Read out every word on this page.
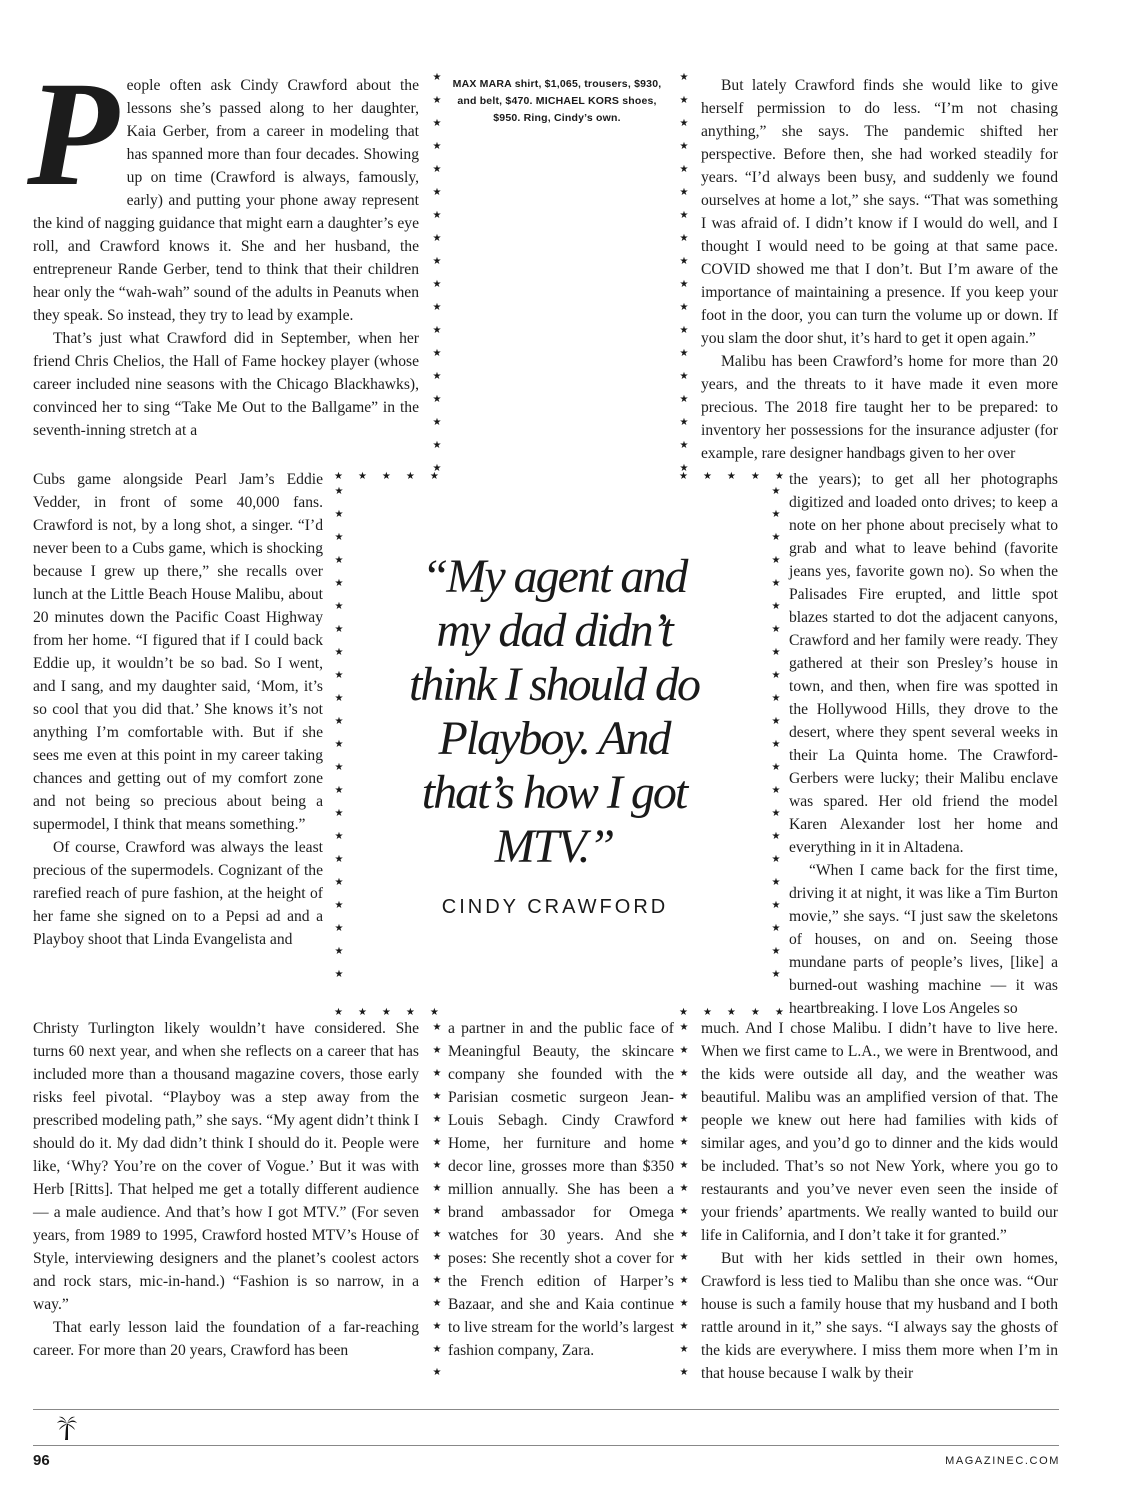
P eople often ask Cindy Crawford about the lessons she’s passed along to her daughter, Kaia Gerber, from a career in modeling that has spanned more than four decades. Showing up on time (Crawford is always, famously, early) and putting your phone away represent the kind of nagging guidance that might earn a daughter’s eye roll, and Crawford knows it. She and her husband, the entrepreneur Rande Gerber, tend to think that their children hear only the “wah-wah” sound of the adults in Peanuts when they speak. So instead, they try to lead by example.

That’s just what Crawford did in September, when her friend Chris Chelios, the Hall of Fame hockey player (whose career included nine seasons with the Chicago Blackhawks), convinced her to sing “Take Me Out to the Ballgame” in the seventh-inning stretch at a

Cubs game alongside Pearl Jam’s Eddie Vedder, in front of some 40,000 fans. Crawford is not, by a long shot, a singer. “I’d never been to a Cubs game, which is shocking because I grew up there,” she recalls over lunch at the Little Beach House Malibu, about 20 minutes down the Pacific Coast Highway from her home. “I figured that if I could back Eddie up, it wouldn’t be so bad. So I went, and I sang, and my daughter said, ‘Mom, it’s so cool that you did that.’ She knows it’s not anything I’m comfortable with. But if she sees me even at this point in my career taking chances and getting out of my comfort zone and not being so precious about being a supermodel, I think that means something.”

Of course, Crawford was always the least precious of the supermodels. Cognizant of the rarefied reach of pure fashion, at the height of her fame she signed on to a Pepsi ad and a Playboy shoot that Linda Evangelista and

Christy Turlington likely wouldn’t have considered. She turns 60 next year, and when she reflects on a career that has included more than a thousand magazine covers, those early risks feel pivotal. “Playboy was a step away from the prescribed modeling path,” she says. “My agent didn’t think I should do it. My dad didn’t think I should do it. People were like, ‘Why? You’re on the cover of Vogue.’ But it was with Herb [Ritts]. That helped me get a totally different audience — a male audience. And that’s how I got MTV.” (For seven years, from 1989 to 1995, Crawford hosted MTV’s House of Style, interviewing designers and the planet’s coolest actors and rock stars, mic-in-hand.) “Fashion is so narrow, in a way.”

That early lesson laid the foundation of a far-reaching career. For more than 20 years, Crawford has been

MAX MARA shirt, $1,065, trousers, $930, and belt, $470. MICHAEL KORS shoes, $950. Ring, Cindy’s own.
“My agent and my dad didn’t think I should do Playboy. And that’s how I got MTV.”
CINDY CRAWFORD

a partner in and the public face of Meaningful Beauty, the skincare company she founded with the Parisian cosmetic surgeon Jean-Louis Sebagh. Cindy Crawford Home, her furniture and home decor line, grosses more than $350 million annually. She has been a brand ambassador for Omega watches for 30 years. And she poses: She recently shot a cover for the French edition of Harper’s Bazaar, and she and Kaia continue to live stream for the world’s largest fashion company, Zara.

But lately Crawford finds she would like to give herself permission to do less. “I’m not chasing anything,” she says. The pandemic shifted her perspective. Before then, she had worked steadily for years. “I’d always been busy, and suddenly we found ourselves at home a lot,” she says. “That was something I was afraid of. I didn’t know if I would do well, and I thought I would need to be going at that same pace. COVID showed me that I don’t. But I’m aware of the importance of maintaining a presence. If you keep your foot in the door, you can turn the volume up or down. If you slam the door shut, it’s hard to get it open again.”

Malibu has been Crawford’s home for more than 20 years, and the threats to it have made it even more precious. The 2018 fire taught her to be prepared: to inventory her possessions for the insurance adjuster (for example, rare designer handbags given to her over

the years); to get all her photographs digitized and loaded onto drives; to keep a note on her phone about precisely what to grab and what to leave behind (favorite jeans yes, favorite gown no). So when the Palisades Fire erupted, and little spot blazes started to dot the adjacent canyons, Crawford and her family were ready. They gathered at their son Presley’s house in town, and then, when fire was spotted in the Hollywood Hills, they drove to the desert, where they spent several weeks in their La Quinta home. The Crawford-Gerbers were lucky; their Malibu enclave was spared. Her old friend the model Karen Alexander lost her home and everything in it in Altadena.

“When I came back for the first time, driving it at night, it was like a Tim Burton movie,” she says. “I just saw the skeletons of houses, on and on. Seeing those mundane parts of people’s lives, [like] a burned-out washing machine — it was heartbreaking. I love Los Angeles so

much. And I chose Malibu. I didn’t have to live here. When we first came to L.A., we were in Brentwood, and the kids were outside all day, and the weather was beautiful. Malibu was an amplified version of that. The people we knew out here had families with kids of similar ages, and you’d go to dinner and the kids would be included. That’s so not New York, where you go to restaurants and you’ve never even seen the inside of your friends’ apartments. We really wanted to build our life in California, and I don’t take it for granted.”

But with her kids settled in their own homes, Crawford is less tied to Malibu than she once was. “Our house is such a family house that my husband and I both rattle around in it,” she says. “I always say the ghosts of the kids are everywhere. I miss them more when I’m in that house because I walk by their

★
★
★
★
★
★
★
★
★
★
★
★
★
★
★
★
★
★
★★★★★
★
★
★
★
★
★
★
★
★
★
★
★
★
★
★
★
★
★
★
★
★
★
★★★★★
★
★
★
★
★
★
★
★
★
★
★
★
★
★
★
★
★
★
★
★
★
★
★
★
★
★
★
★
★
★
★
★
★
★
★★★★★
★
★
★
★
★
★
★
★
★
★
★
★
★
★
★
★
★
★
★
★
★
★
★★★★★
★
★
★
★
★
★
★
★
★
★
★
★
★
★
★
★
96	MAGAZINEC.COM
